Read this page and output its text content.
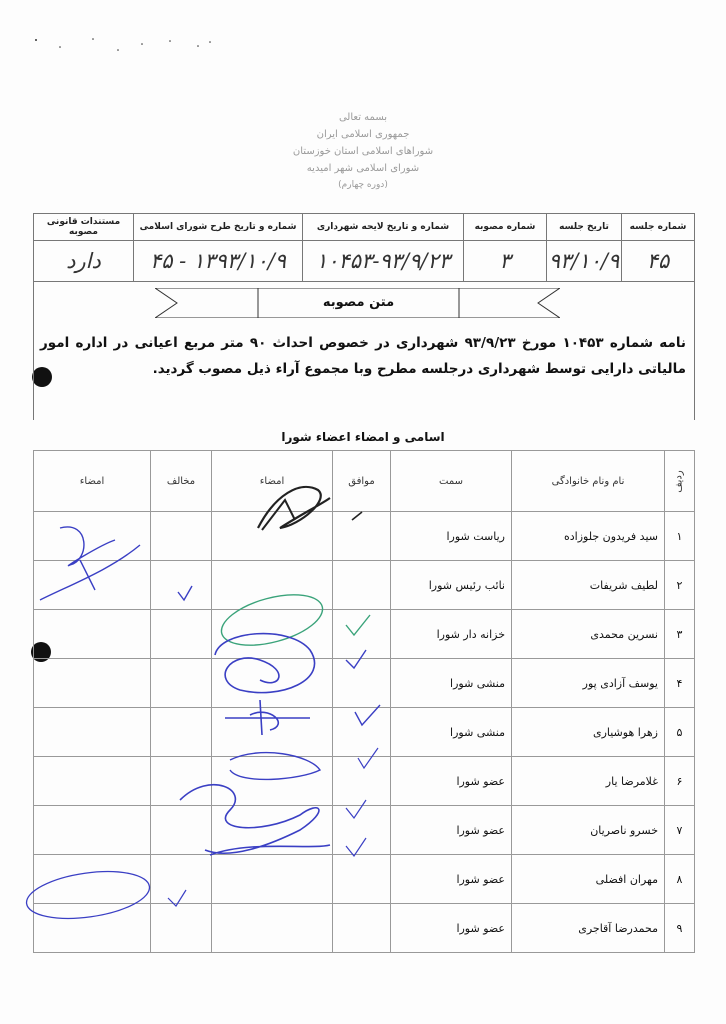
بسمه تعالی
جمهوری اسلامی ایران
شوراهای اسلامی استان خوزستان
شورای اسلامی شهر امیدیه
(دوره چهارم)
شماره جلسه	تاریخ جلسه	شماره مصوبه	شماره و تاریخ لایحه شهرداری	شماره و تاریخ طرح شورای اسلامی	مستندات قانونی مصوبه
۴۵	۹۳/۱۰/۹	۳	۱۰۴۵۳-۹۳/۹/۲۳	۱۳۹۳/۱۰/۹ - ۴۵	دارد
متن مصوبه
نامه شماره ۱۰۴۵۳ مورخ ۹۳/۹/۲۳ شهرداری در خصوص احداث ۹۰ متر مربع اعیانی در اداره امور مالیاتی دارایی توسط شهرداری درجلسه مطرح وبا مجموع آراء ذیل مصوب گردید.
اسامی و امضاء اعضاء شورا
ردیف	نام ونام خانوادگی	سمت	موافق	امضاء	مخالف	امضاء
۱	سید فریدون جلوزاده	ریاست شورا				
۲	لطیف شریفات	نائب رئیس شورا				
۳	نسرین محمدی	خزانه دار شورا				
۴	یوسف آزادی پور	منشی شورا				
۵	زهرا هوشیاری	منشی شورا				
۶	غلامرضا یار	عضو شورا				
۷	خسرو ناصریان	عضو شورا				
۸	مهران افضلی	عضو شورا				
۹	محمدرضا آقاجری	عضو شورا				
